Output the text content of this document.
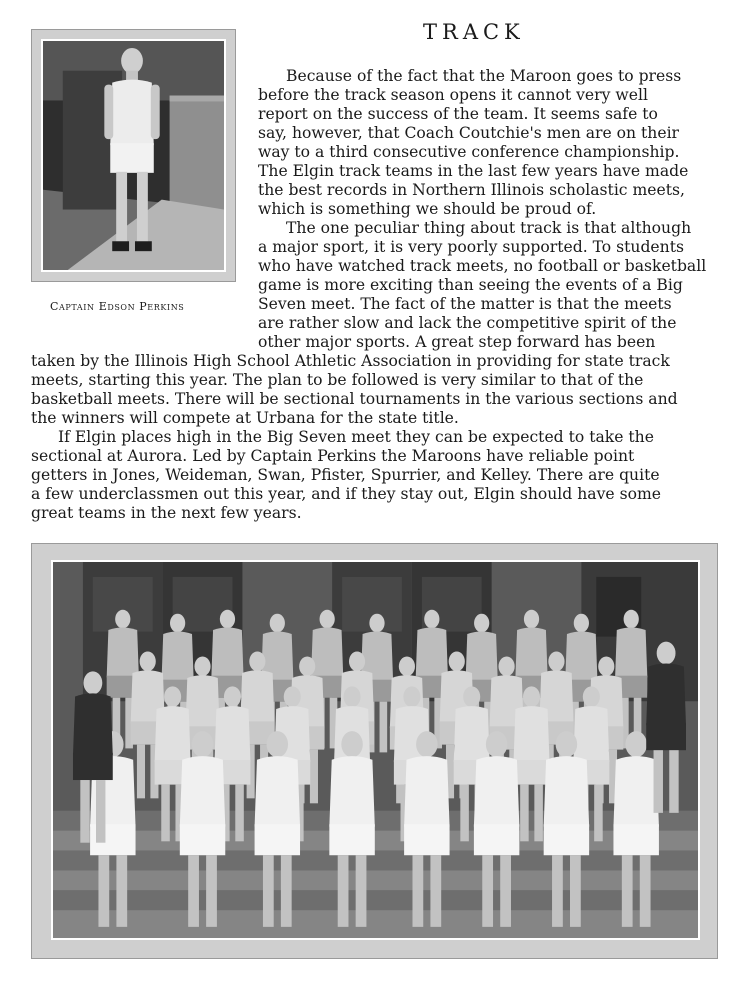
Captain Edson Perkins
TRACK
Because of the fact that the Maroon goes to press
before the track season opens it cannot very well
report on the success of the team. It seems safe to
say, however, that Coach Coutchie's men are on their
way to a third consecutive conference championship.
The Elgin track teams in the last few years have made
the best records in Northern Illinois scholastic meets,
which is something we should be proud of.
The one peculiar thing about track is that although
a major sport, it is very poorly supported. To students
who have watched track meets, no football or basketball
game is more exciting than seeing the events of a Big
Seven meet. The fact of the matter is that the meets
are rather slow and lack the competitive spirit of the
other major sports. A great step forward has been
taken by the Illinois High School Athletic Association in providing for state track
meets, starting this year. The plan to be followed is very similar to that of the
basketball meets. There will be sectional tournaments in the various sections and
the winners will compete at Urbana for the state title.
If Elgin places high in the Big Seven meet they can be expected to take the
sectional at Aurora. Led by Captain Perkins the Maroons have reliable point
getters in Jones, Weideman, Swan, Pfister, Spurrier, and Kelley. There are quite
a few underclassmen out this year, and if they stay out, Elgin should have some
great teams in the next few years.
